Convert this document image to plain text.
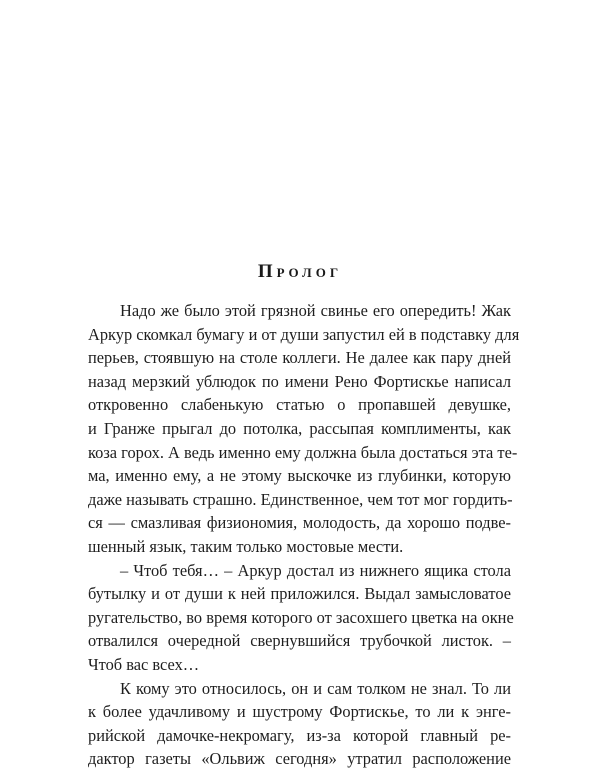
Пролог

Надо же было этой грязной свинье его опередить! Жак
Аркур скомкал бумагу и от души запустил ей в подставку для
перьев, стоявшую на столе коллеги. Не далее как пару дней
назад мерзкий ублюдок по имени Рено Фортискье написал
откровенно слабенькую статью о пропавшей девушке,
и Гранже прыгал до потолка, рассыпая комплименты, как
коза горох. А ведь именно ему должна была достаться эта те-
ма, именно ему, а не этому выскочке из глубинки, которую
даже называть страшно. Единственное, чем тот мог гордить-
ся — смазливая физиономия, молодость, да хорошо подве-
шенный язык, таким только мостовые мести.

– Чтоб тебя… – Аркур достал из нижнего ящика стола
бутылку и от души к ней приложился. Выдал замысловатое
ругательство, во время которого от засохшего цветка на окне
отвалился очередной свернувшийся трубочкой листок. –
Чтоб вас всех…

К кому это относилось, он и сам толком не знал. То ли
к более удачливому и шустрому Фортискье, то ли к энге-
рийской дамочке-некромагу, из-за которой главный ре-
дактор газеты «Ольвиж сегодня» утратил расположение
